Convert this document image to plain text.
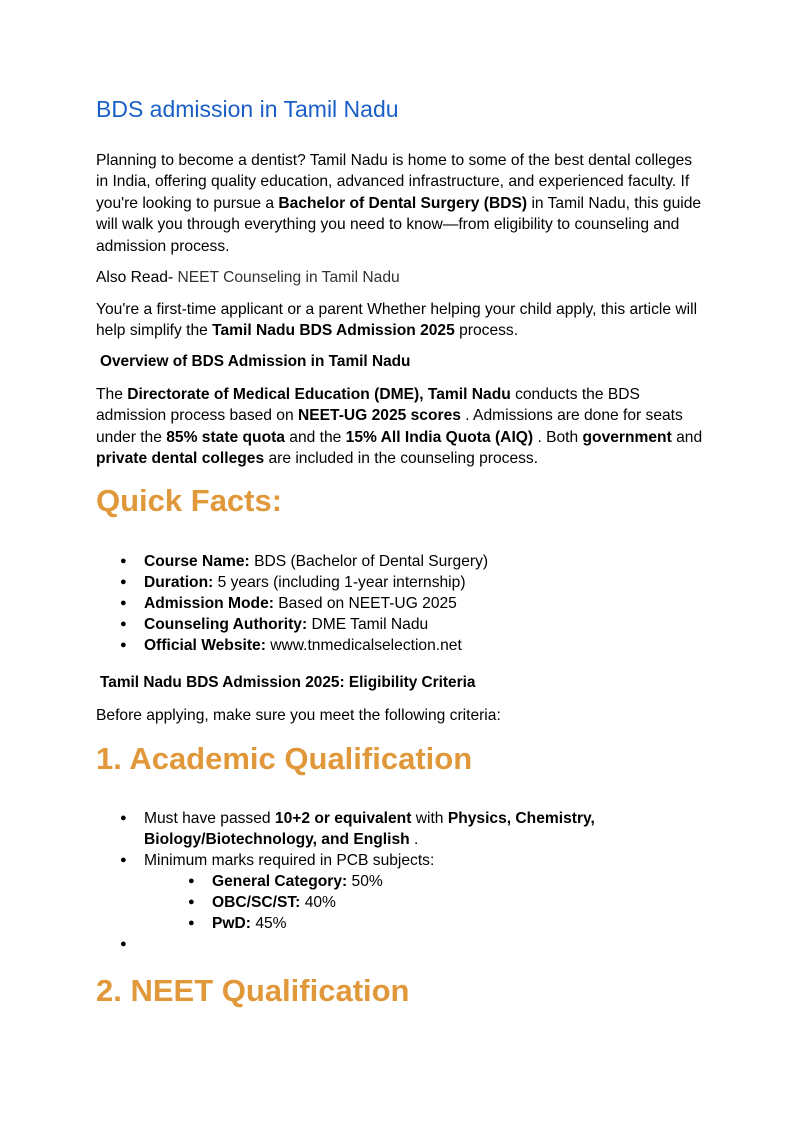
BDS admission in Tamil Nadu

Planning to become a dentist? Tamil Nadu is home to some of the best dental colleges in India, offering quality education, advanced infrastructure, and experienced faculty. If you're looking to pursue a Bachelor of Dental Surgery (BDS) in Tamil Nadu, this guide will walk you through everything you need to know—from eligibility to counseling and admission process.

Also Read- NEET Counseling in Tamil Nadu

You're a first-time applicant or a parent Whether helping your child apply, this article will help simplify the Tamil Nadu BDS Admission 2025 process.

Overview of BDS Admission in Tamil Nadu

The Directorate of Medical Education (DME), Tamil Nadu conducts the BDS admission process based on NEET-UG 2025 scores . Admissions are done for seats under the 85% state quota and the 15% All India Quota (AIQ) . Both government and private dental colleges are included in the counseling process.

Quick Facts:
● Course Name: BDS (Bachelor of Dental Surgery)
● Duration: 5 years (including 1-year internship)
● Admission Mode: Based on NEET-UG 2025
● Counseling Authority: DME Tamil Nadu
● Official Website: www.tnmedicalselection.net
Tamil Nadu BDS Admission 2025: Eligibility Criteria

Before applying, make sure you meet the following criteria:

1. Academic Qualification
● Must have passed 10+2 or equivalent with Physics, Chemistry, Biology/Biotechnology, and English .
● Minimum marks required in PCB subjects:
● General Category: 50%
● OBC/SC/ST: 40%
● PwD: 45%
●
2. NEET Qualification
